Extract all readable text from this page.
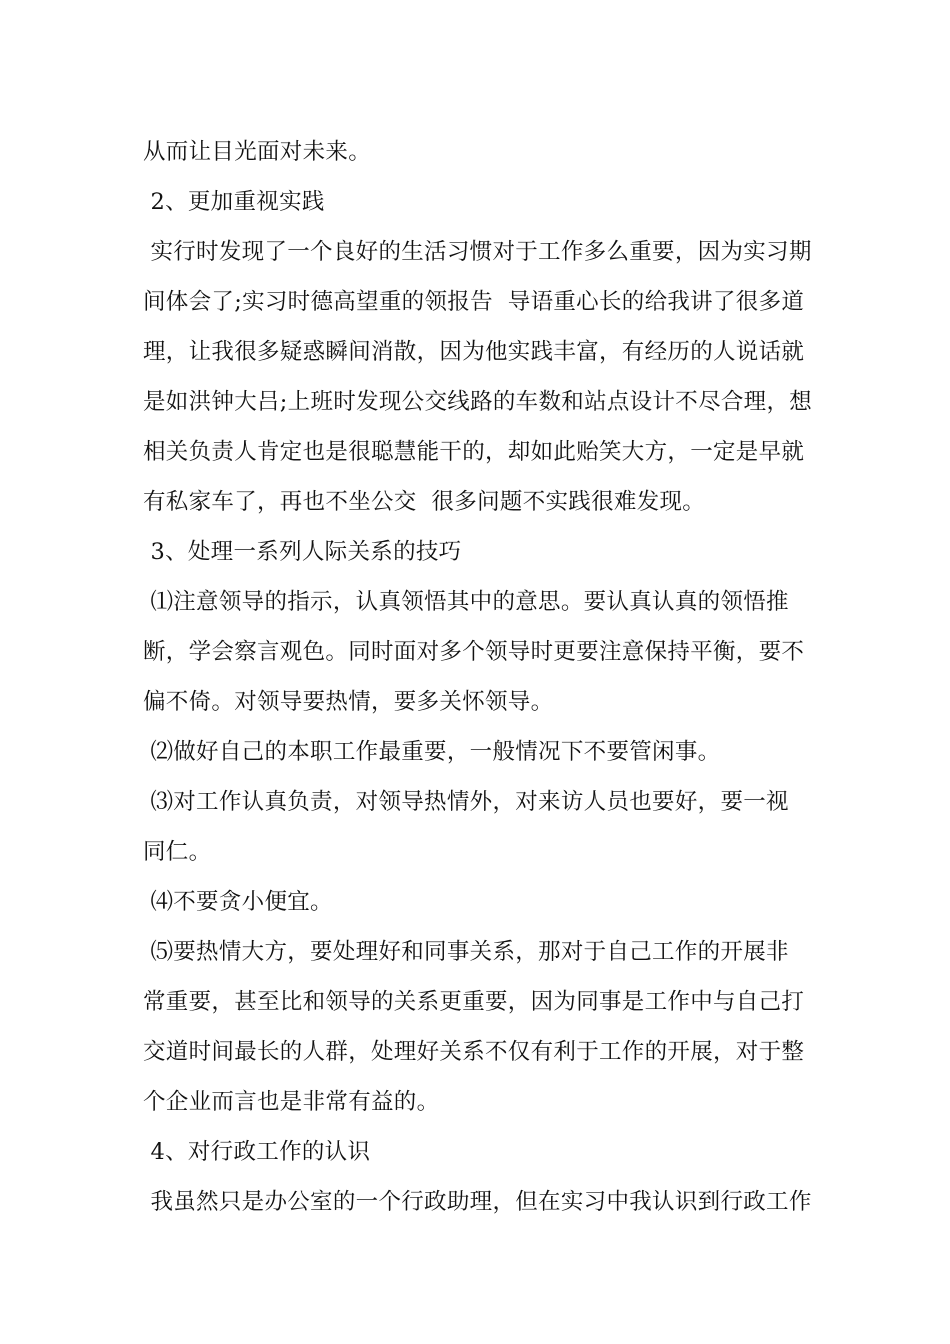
从而让目光面对未来。
2、更加重视实践
实行时发现了一个良好的生活习惯对于工作多么重要，因为实习期
间体会了;实习时德高望重的领报告  导语重心长的给我讲了很多道
理，让我很多疑惑瞬间消散，因为他实践丰富，有经历的人说话就
是如洪钟大吕;上班时发现公交线路的车数和站点设计不尽合理，想
相关负责人肯定也是很聪慧能干的，却如此贻笑大方，一定是早就
有私家车了，再也不坐公交  很多问题不实践很难发现。
3、处理一系列人际关系的技巧
⑴注意领导的指示，认真领悟其中的意思。要认真认真的领悟推
断，学会察言观色。同时面对多个领导时更要注意保持平衡，要不
偏不倚。对领导要热情，要多关怀领导。
⑵做好自己的本职工作最重要，一般情况下不要管闲事。
⑶对工作认真负责，对领导热情外，对来访人员也要好，要一视
同仁。
⑷不要贪小便宜。
⑸要热情大方，要处理好和同事关系，那对于自己工作的开展非
常重要，甚至比和领导的关系更重要，因为同事是工作中与自己打
交道时间最长的人群，处理好关系不仅有利于工作的开展，对于整
个企业而言也是非常有益的。
4、对行政工作的认识
我虽然只是办公室的一个行政助理，但在实习中我认识到行政工作
